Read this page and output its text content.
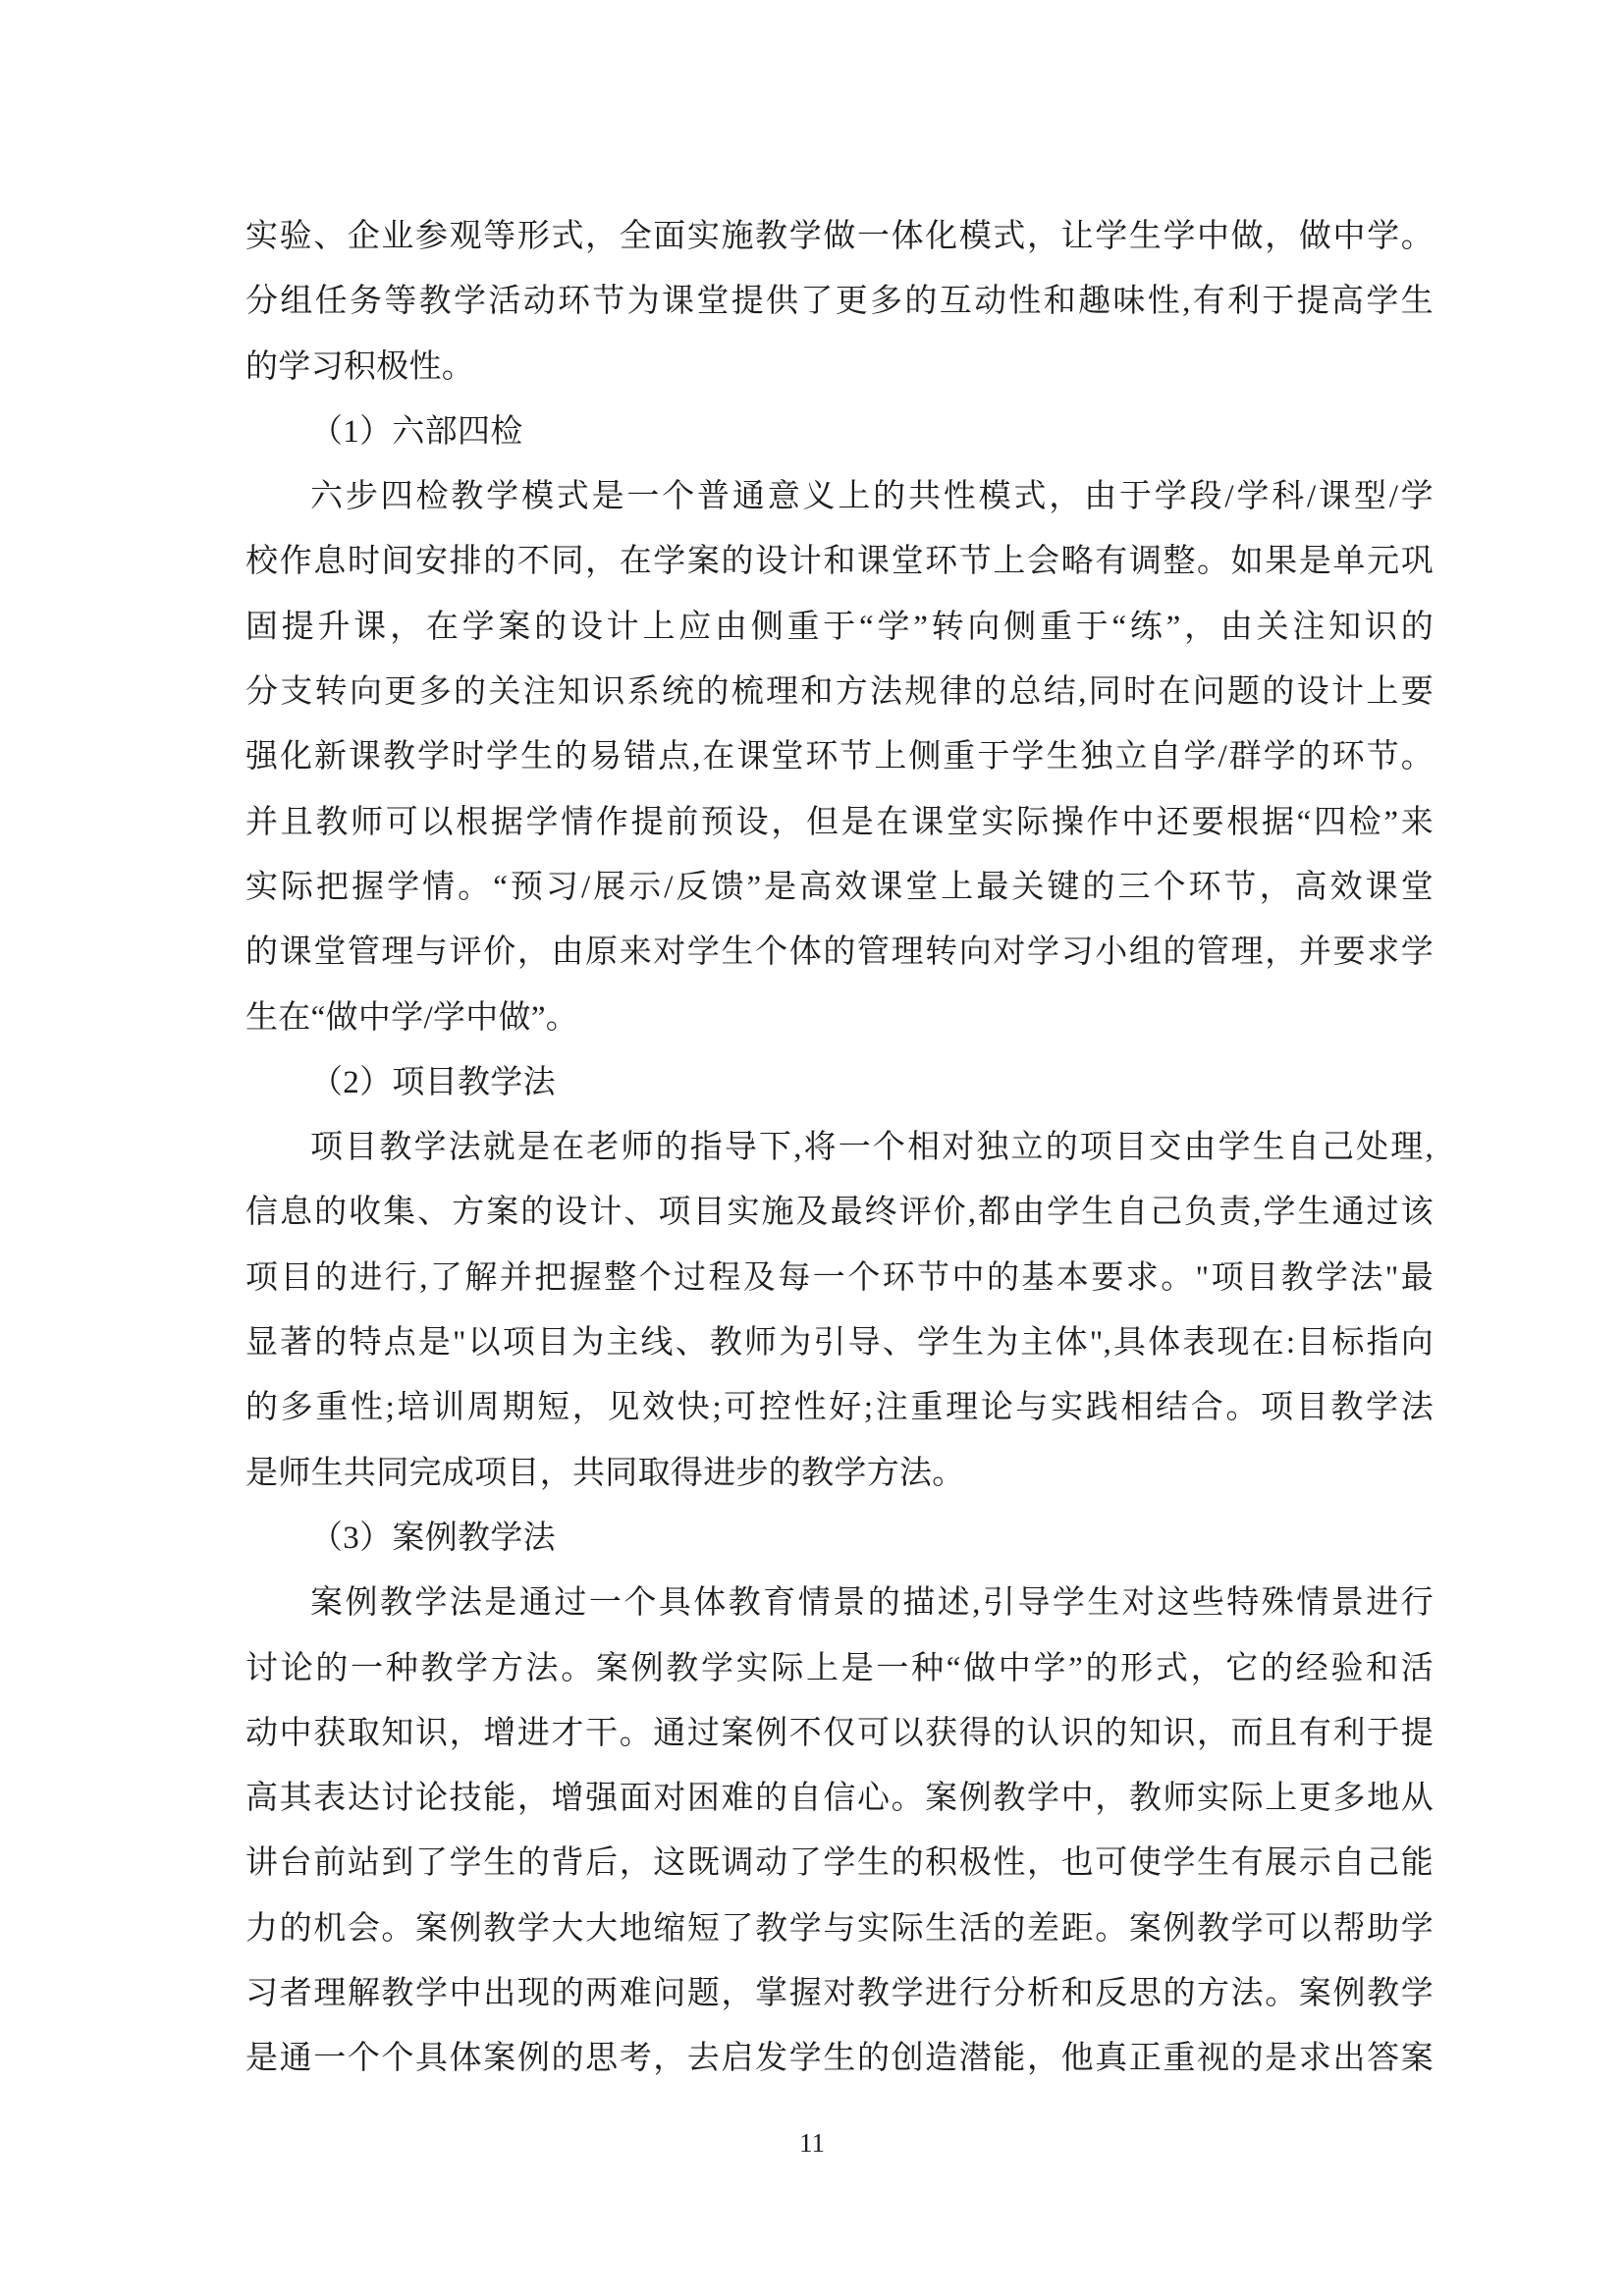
实验、企业参观等形式，全面实施教学做一体化模式，让学生学中做，做中学。
分组任务等教学活动环节为课堂提供了更多的互动性和趣味性,有利于提高学生
的学习积极性。
（1）六部四检
六步四检教学模式是一个普通意义上的共性模式，由于学段/学科/课型/学
校作息时间安排的不同，在学案的设计和课堂环节上会略有调整。如果是单元巩
固提升课，在学案的设计上应由侧重于“学”转向侧重于“练”，由关注知识的
分支转向更多的关注知识系统的梳理和方法规律的总结,同时在问题的设计上要
强化新课教学时学生的易错点,在课堂环节上侧重于学生独立自学/群学的环节。
并且教师可以根据学情作提前预设，但是在课堂实际操作中还要根据“四检”来
实际把握学情。“预习/展示/反馈”是高效课堂上最关键的三个环节，高效课堂
的课堂管理与评价，由原来对学生个体的管理转向对学习小组的管理，并要求学
生在“做中学/学中做”。
（2）项目教学法
项目教学法就是在老师的指导下,将一个相对独立的项目交由学生自己处理,
信息的收集、方案的设计、项目实施及最终评价,都由学生自己负责,学生通过该
项目的进行,了解并把握整个过程及每一个环节中的基本要求。"项目教学法"最
显著的特点是"以项目为主线、教师为引导、学生为主体",具体表现在:目标指向
的多重性;培训周期短，见效快;可控性好;注重理论与实践相结合。项目教学法
是师生共同完成项目，共同取得进步的教学方法。
（3）案例教学法
案例教学法是通过一个具体教育情景的描述,引导学生对这些特殊情景进行
讨论的一种教学方法。案例教学实际上是一种“做中学”的形式，它的经验和活
动中获取知识，增进才干。通过案例不仅可以获得的认识的知识，而且有利于提
高其表达讨论技能，增强面对困难的自信心。案例教学中，教师实际上更多地从
讲台前站到了学生的背后，这既调动了学生的积极性，也可使学生有展示自己能
力的机会。案例教学大大地缩短了教学与实际生活的差距。案例教学可以帮助学
习者理解教学中出现的两难问题，掌握对教学进行分析和反思的方法。案例教学
是通一个个具体案例的思考，去启发学生的创造潜能，他真正重视的是求出答案
11
